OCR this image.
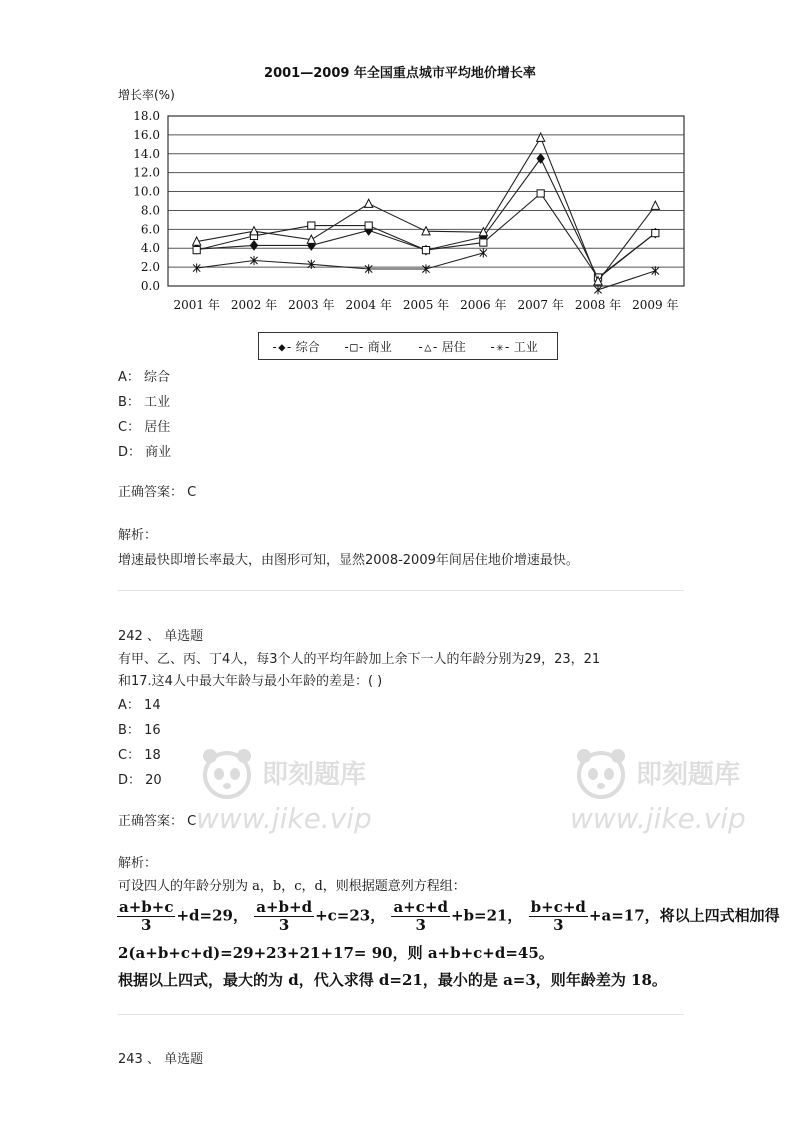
2001—2009 年全国重点城市平均地价增长率
增长率(%)
0.0
2.0
4.0
6.0
8.0
10.0
12.0
14.0
16.0
18.0
2001 年 2002 年 2003 年 2004 年 2005 年 2006 年 2007 年 2008 年 2009 年
-◆- 综合 -□- 商业 -△- 居住 -✳- 工业
A： 综合
B： 工业
C： 居住
D： 商业
正确答案： C
解析：
增速最快即增长率最大，由图形可知，显然2008-2009年间居住地价增速最快。
242 、 单选题
有甲、乙、丙、丁4人，每3个人的平均年龄加上余下一人的年龄分别为29，23，21
和17.这4人中最大年龄与最小年龄的差是：( )
A： 14
B： 16
C： 18
D： 20
正确答案： C
解析：
可设四人的年龄分别为 a，b，c，d，则根据题意列方程组：
$\frac{a+b+c}{3} +d=29$， $\frac{a+b+d}{3} +c=23$， $\frac{a+c+d}{3} +b=21$， $\frac{b+c+d}{3} +a=17$，将以上四式相加得
2(a+b+c+d)=29+23+21+17= 90，则 a+b+c+d=45。
根据以上四式，最大的为 d，代入求得 d=21，最小的是 a=3，则年龄差为 18。
243 、 单选题
即刻题库
www.jike.vip
即刻题库
www.jike.vip
